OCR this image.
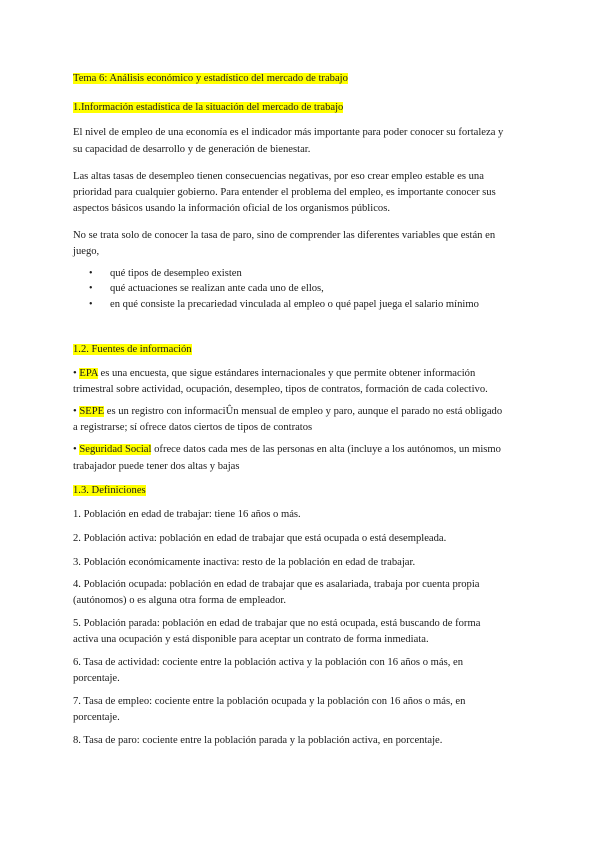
Tema 6: Análisis económico y estadístico del mercado de trabajo
1.Información estadística de la situación del mercado de trabajo
El nivel de empleo de una economía es el indicador más importante para poder conocer su fortaleza y
su capacidad de desarrollo y de generación de bienestar.
Las altas tasas de desempleo tienen consecuencias negativas, por eso crear empleo estable es una
prioridad para cualquier gobierno. Para entender el problema del empleo, es importante conocer sus
aspectos básicos usando la información oficial de los organismos públicos.
No se trata solo de conocer la tasa de paro, sino de comprender las diferentes variables que están en
juego,
• qué tipos de desempleo existen
• qué actuaciones se realizan ante cada uno de ellos,
• en qué consiste la precariedad vinculada al empleo o qué papel juega el salario mínimo
1.2. Fuentes de información
• EPA es una encuesta, que sigue estándares internacionales y que permite obtener información
trimestral sobre actividad, ocupación, desempleo, tipos de contratos, formación de cada colectivo.
• SEPE es un registro con informaciÛn mensual de empleo y paro, aunque el parado no está obligado
a registrarse; sí ofrece datos ciertos de tipos de contratos
• Seguridad Social ofrece datos cada mes de las personas en alta (incluye a los autónomos, un mismo
trabajador puede tener dos altas y bajas
1.3. Definiciones
1. Población en edad de trabajar: tiene 16 años o más.
2. Población activa: población en edad de trabajar que está ocupada o está desempleada.
3. Población económicamente inactiva: resto de la población en edad de trabajar.
4. Población ocupada: población en edad de trabajar que es asalariada, trabaja por cuenta propia
(autónomos) o es alguna otra forma de empleador.
5. Población parada: población en edad de trabajar que no está ocupada, está buscando de forma
activa una ocupación y está disponible para aceptar un contrato de forma inmediata.
6. Tasa de actividad: cociente entre la población activa y la población con 16 años o más, en
porcentaje.
7. Tasa de empleo: cociente entre la población ocupada y la población con 16 años o más, en
porcentaje.
8. Tasa de paro: cociente entre la población parada y la población activa, en porcentaje.
